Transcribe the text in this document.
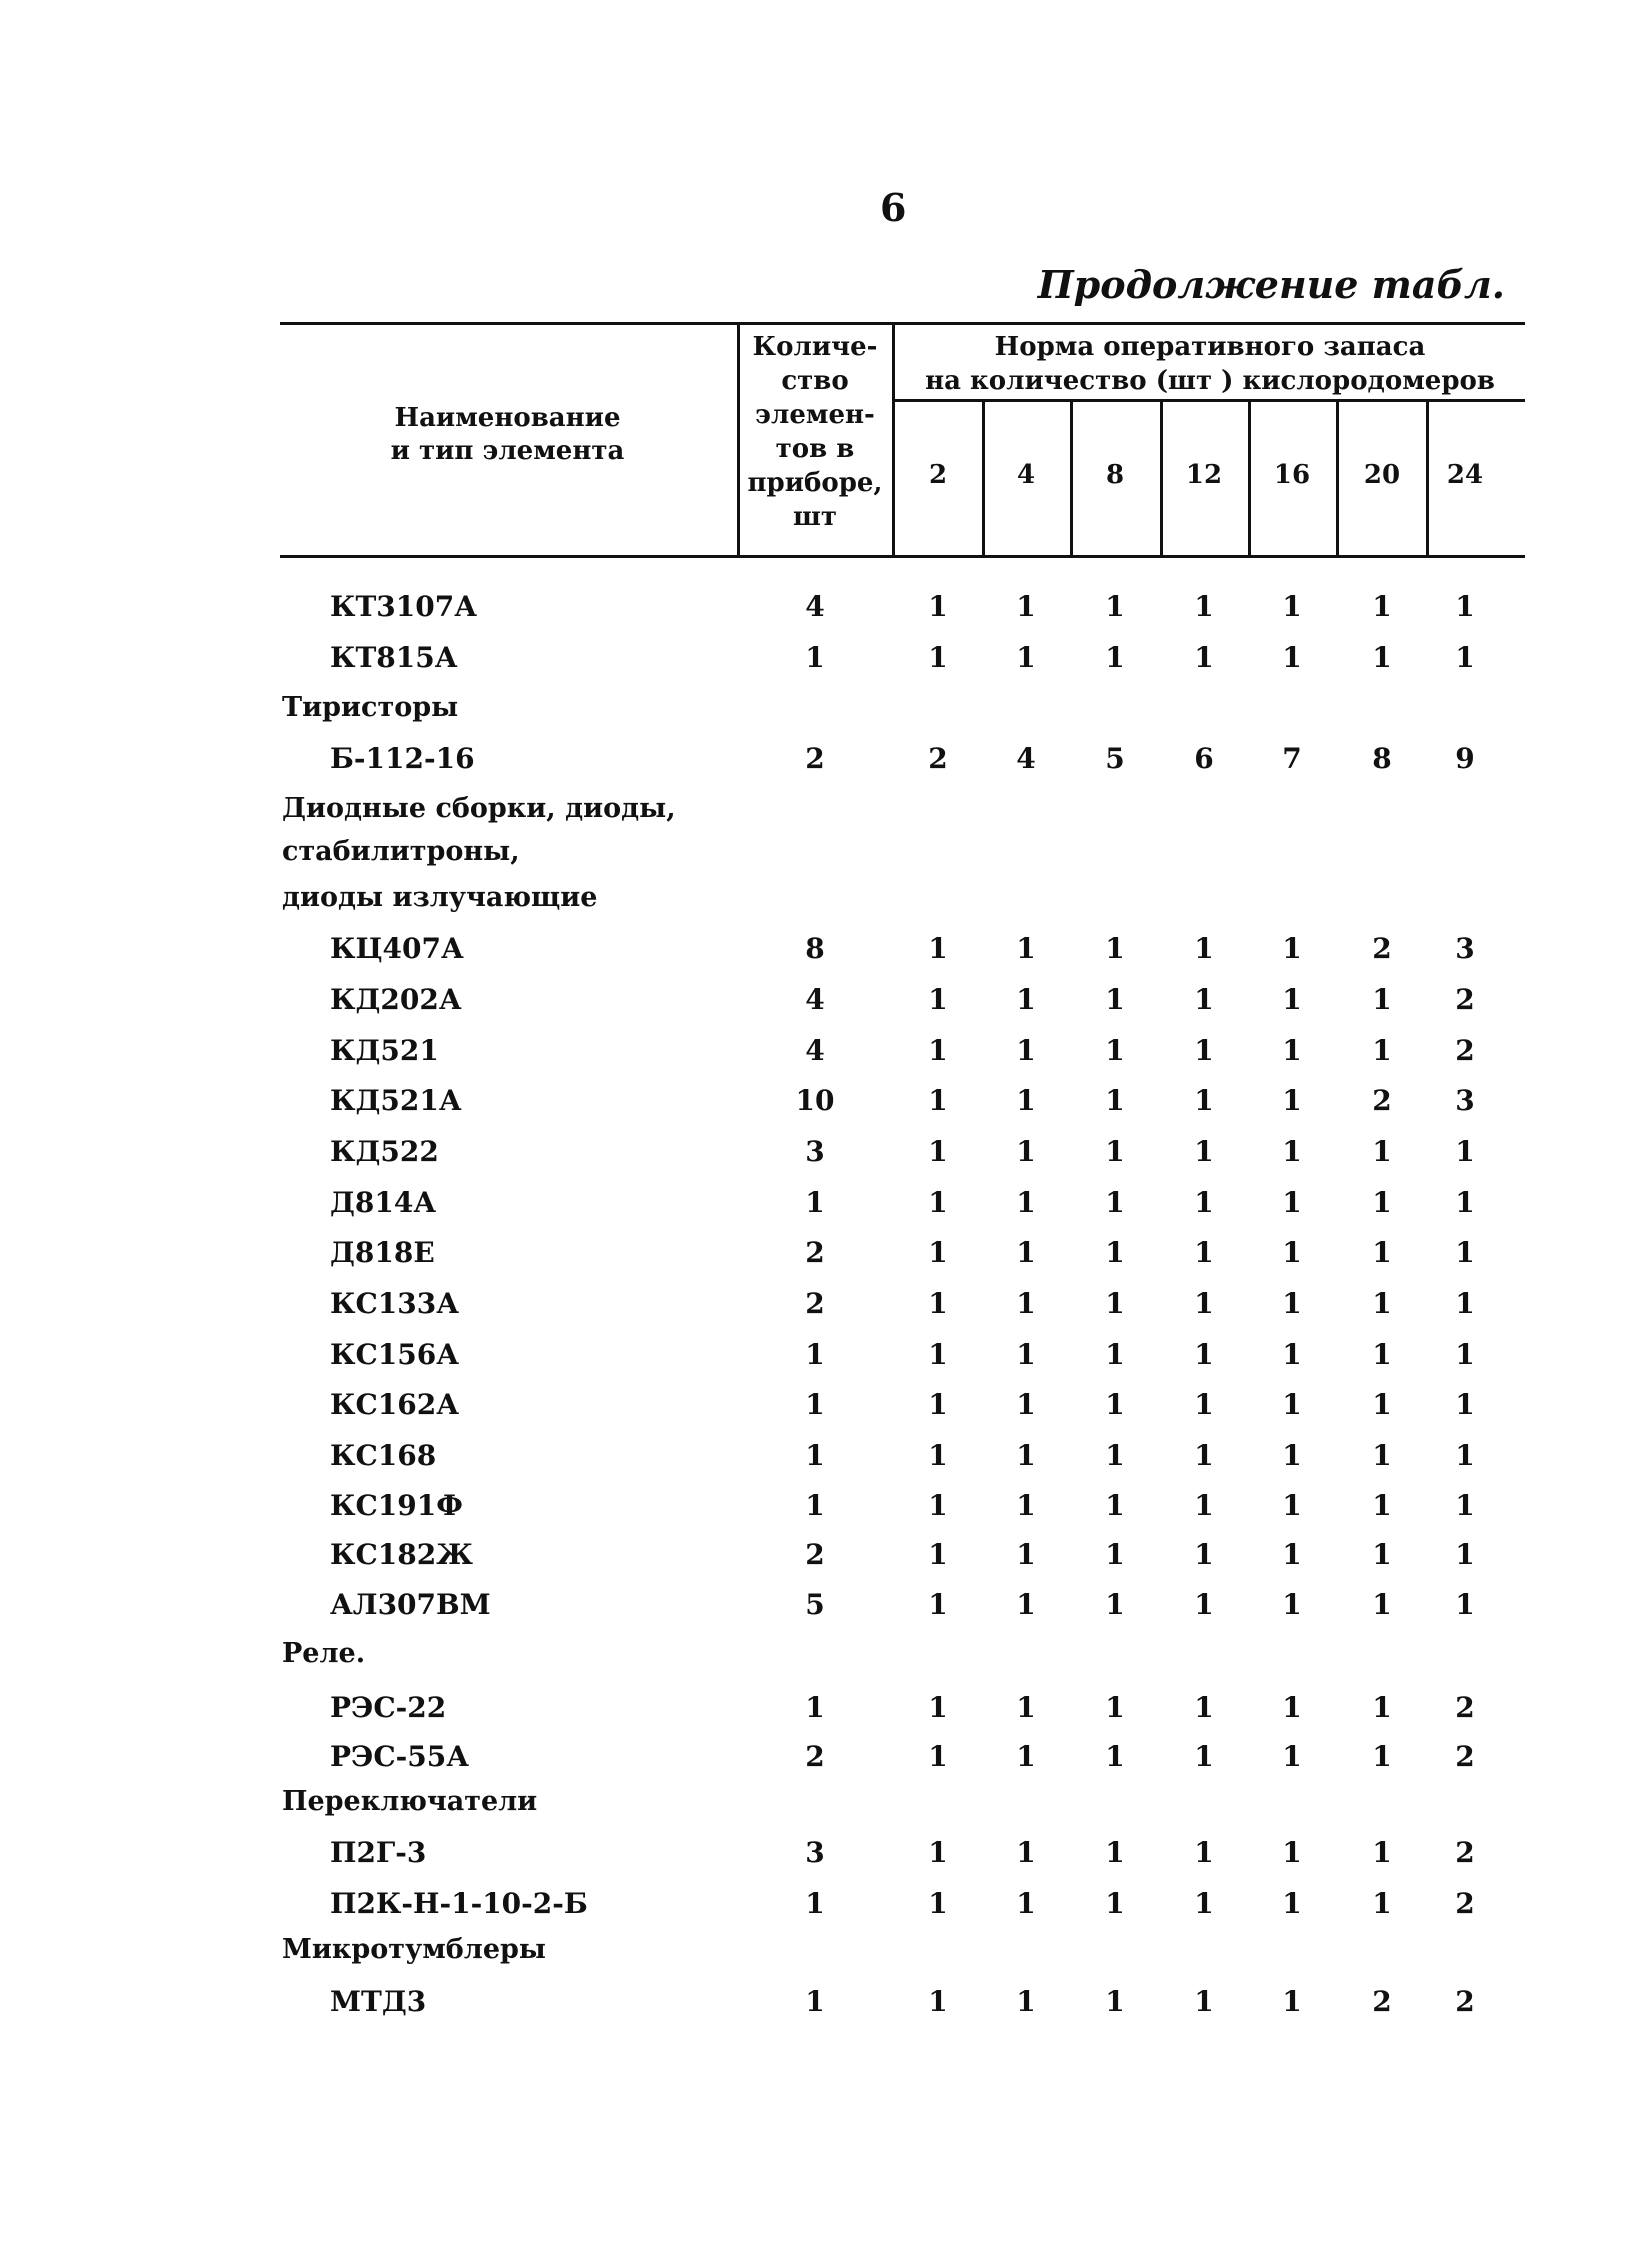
6
Продолжение табл.
Наименование
и тип элемента
Количе-
ство
элемен-
тов в
приборе,
шт
Норма оперативного запаса
на количество (шт ) кислородомеров
2	4	8	12	16	20	24
КТ3107А	4	1	1	1	1	1	1	1
КТ815А	1	1	1	1	1	1	1	1
Тиристоры
Б-112-16	2	2	4	5	6	7	8	9
Диодные сборки, диоды,
стабилитроны,
диоды излучающие
КЦ407А	8	1	1	1	1	1	2	3
КД202А	4	1	1	1	1	1	1	2
КД521	4	1	1	1	1	1	1	2
КД521А	10	1	1	1	1	1	2	3
КД522	3	1	1	1	1	1	1	1
Д814А	1	1	1	1	1	1	1	1
Д818Е	2	1	1	1	1	1	1	1
КС133А	2	1	1	1	1	1	1	1
КС156А	1	1	1	1	1	1	1	1
КС162А	1	1	1	1	1	1	1	1
КС168	1	1	1	1	1	1	1	1
КС191Ф	1	1	1	1	1	1	1	1
КС182Ж	2	1	1	1	1	1	1	1
АЛ307ВМ	5	1	1	1	1	1	1	1
Реле.
РЭС-22	1	1	1	1	1	1	1	2
РЭС-55А	2	1	1	1	1	1	1	2
Переключатели
П2Г-3	3	1	1	1	1	1	1	2
П2К-Н-1-10-2-Б	1	1	1	1	1	1	1	2
Микротумблеры
МТД3	1	1	1	1	1	1	2	2
